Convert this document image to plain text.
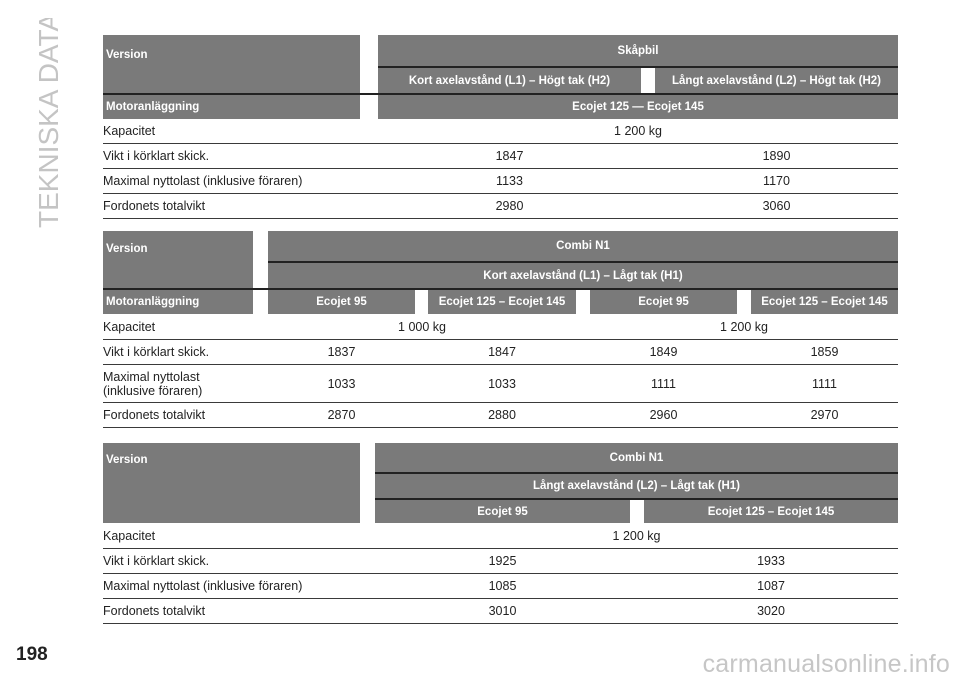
TEKNISKA DATA	Version	Skåpbil
Kort axelavstånd (L1) – Högt tak (H2)	Långt axelavstånd (L2) – Högt tak (H2)
Motoranläggning	Ecojet 125 — Ecojet 145
Kapacitet	1 200 kg
Vikt i körklart skick.	1847	1890
Maximal nyttolast (inklusive föraren)	1133	1170
Fordonets totalvikt	2980	3060
Version	Combi N1
Kort axelavstånd (L1) – Lågt tak (H1)
Motoranläggning	Ecojet 95	Ecojet 125 – Ecojet 145	Ecojet 95	Ecojet 125 – Ecojet 145
Kapacitet	1 000 kg	1 200 kg
Vikt i körklart skick.	1837	1847	1849	1859
Maximal nyttolast (inklusive föraren)	1033	1033	1111	1111
Fordonets totalvikt	2870	2880	2960	2970
Version	Combi N1
Långt axelavstånd (L2) – Lågt tak (H1)
Ecojet 95	Ecojet 125 – Ecojet 145
Kapacitet	1 200 kg
Vikt i körklart skick.	1925	1933
Maximal nyttolast (inklusive föraren)	1085	1087
Fordonets totalvikt	3010	3020
198	carmanualsonline.info
